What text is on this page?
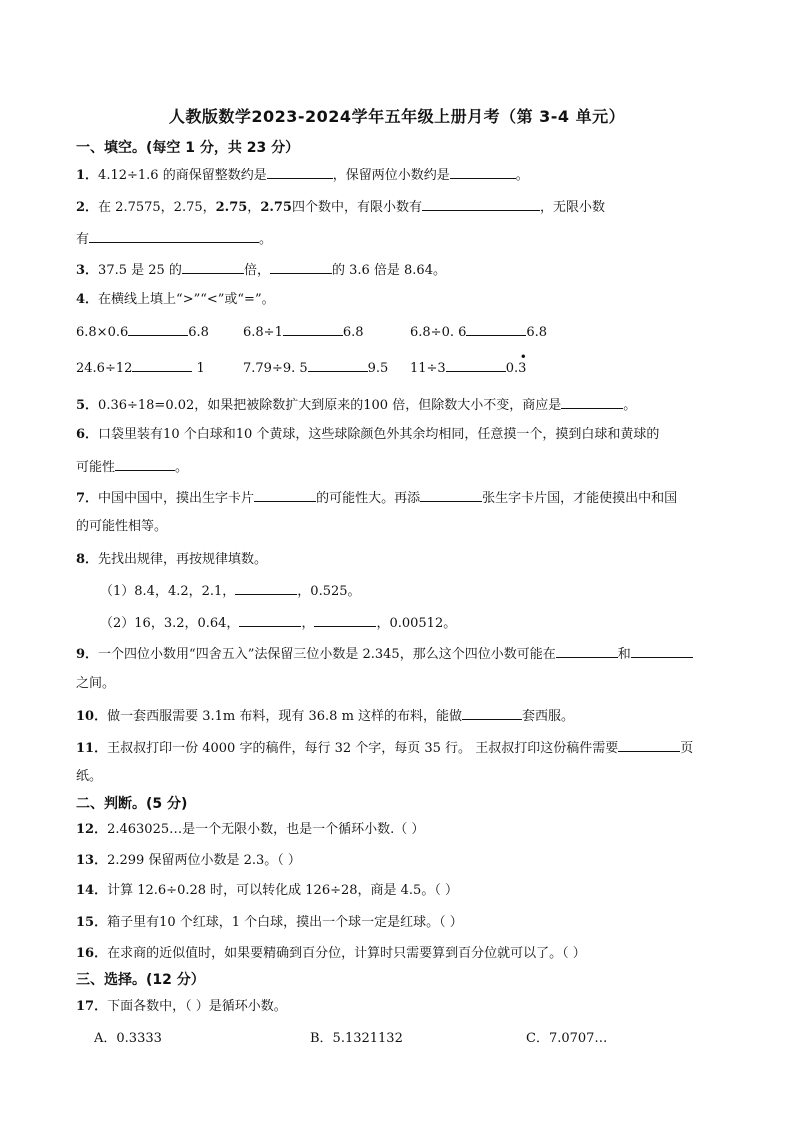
人教版数学2023-2024学年五年级上册月考（第 3-4 单元）
一、填空。(每空 1 分，共 23 分）
1．4.12÷1.6 的商保留整数约是	，保留两位小数约是	。
2．在 2.7575，2.75，2.75，2.75四个数中，有限小数有	，无限小数
有	。
3．37.5 是 25 的	倍，	的 3.6 倍是 8.64。
4．在横线上填上“>”“<”或“=”。
6.8×0.6	6.8	6.8÷1	6.8	6.8÷0. 6	6.8
24.6÷12	1	7.79÷9. 5	9.5 11÷3	0.3
•
5．0.36÷18=0.02，如果把被除数扩大到原来的100 倍，但除数大小不变，商应是	。
6．口袋里装有10 个白球和10 个黄球，这些球除颜色外其余均相同，任意摸一个，摸到白球和黄球的
可能性	。
7．中国中国中，摸出生字卡片	的可能性大。再添	张生字卡片国，才能使摸出中和国
的可能性相等。
8．先找出规律，再按规律填数。
（1）8.4，4.2，2.1，	，0.525。
（2）16，3.2，0.64，	，	，0.00512。
9．一个四位小数用“四舍五入”法保留三位小数是 2.345，那么这个四位小数可能在	和
之间。
10．做一套西服需要 3.1m 布料，现有 36.8 m 这样的布料，能做	套西服。
11．王叔叔打印一份 4000 字的稿件，每行 32 个字，每页 35 行。 王叔叔打印这份稿件需要	页
纸。
二、判断。(5 分)
12．2.463025…是一个无限小数，也是一个循环小数.（ ）
13．2.299 保留两位小数是 2.3。（ ）
14．计算 12.6÷0.28 时，可以转化成 126÷28，商是 4.5。（ ）
15．箱子里有10 个红球，1 个白球，摸出一个球一定是红球。（ ）
16．在求商的近似值时，如果要精确到百分位，计算时只需要算到百分位就可以了。（ ）
三、选择。(12 分）
17．下面各数中，（ ）是循环小数。
A．0.3333	B．5.1321132	C．7.0707…
